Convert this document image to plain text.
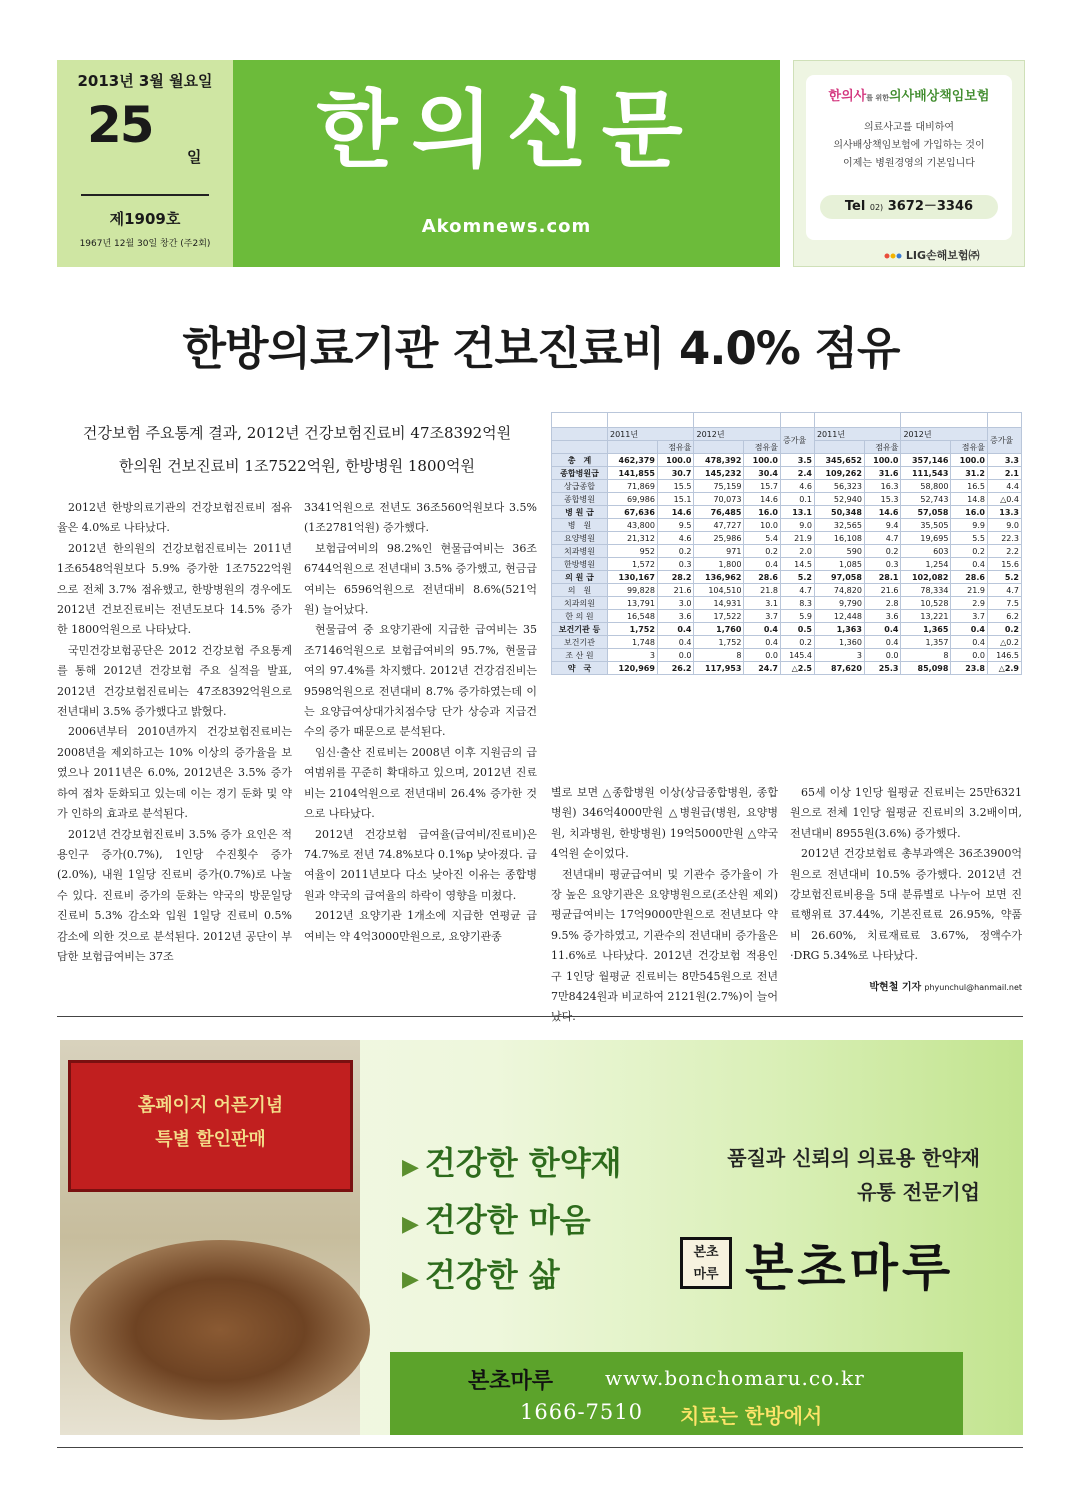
2013년 3월 월요일
25
일
제1909호
1967년 12월 30일 창간 (주2회)
한의신문
Akomnews.com
한의사를 위한의사배상책임보험
의료사고를 대비하여
의사배상책임보험에 가입하는 것이
이제는 병원경영의 기본입니다
Tel 02) 3672－3346
LIG손해보험㈜
한방의료기관 건보진료비 4.0% 점유
건강보험 주요통계 결과, 2012년 건강보험진료비 47조8392억원
한의원 건보진료비 1조7522억원, 한방병원 1800억원

	2011년		2012년		증가율	2011년		2012년		증가율
		점유율		점유율			점유율		점유율	
총　계	462,379	100.0	478,392	100.0	3.5	345,652	100.0	357,146	100.0	3.3
종합병원급	141,855	30.7	145,232	30.4	2.4	109,262	31.6	111,543	31.2	2.1
상급종합	71,869	15.5	75,159	15.7	4.6	56,323	16.3	58,800	16.5	4.4
종합병원	69,986	15.1	70,073	14.6	0.1	52,940	15.3	52,743	14.8	△0.4
병 원 급	67,636	14.6	76,485	16.0	13.1	50,348	14.6	57,058	16.0	13.3
병　원	43,800	9.5	47,727	10.0	9.0	32,565	9.4	35,505	9.9	9.0
요양병원	21,312	4.6	25,986	5.4	21.9	16,108	4.7	19,695	5.5	22.3
치과병원	952	0.2	971	0.2	2.0	590	0.2	603	0.2	2.2
한방병원	1,572	0.3	1,800	0.4	14.5	1,085	0.3	1,254	0.4	15.6
의 원 급	130,167	28.2	136,962	28.6	5.2	97,058	28.1	102,082	28.6	5.2
의　원	99,828	21.6	104,510	21.8	4.7	74,820	21.6	78,334	21.9	4.7
치과의원	13,791	3.0	14,931	3.1	8.3	9,790	2.8	10,528	2.9	7.5
한 의 원	16,548	3.6	17,522	3.7	5.9	12,448	3.6	13,221	3.7	6.2
보건기관 등	1,752	0.4	1,760	0.4	0.5	1,363	0.4	1,365	0.4	0.2
보건기관	1,748	0.4	1,752	0.4	0.2	1,360	0.4	1,357	0.4	△0.2
조 산 원	3	0.0	8	0.0	145.4	3	0.0	8	0.0	146.5
약　국	120,969	26.2	117,953	24.7	△2.5	87,620	25.3	85,098	23.8	△2.9

2012년 한방의료기관의 건강보험진료비 점유율은 4.0%로 나타났다.

2012년 한의원의 건강보험진료비는 2011년 1조6548억원보다 5.9% 증가한 1조7522억원으로 전체 3.7% 점유했고, 한방병원의 경우에도 2012년 건보진료비는 전년도보다 14.5% 증가한 1800억원으로 나타났다.

국민건강보험공단은 2012 건강보험 주요통계를 통해 2012년 건강보험 주요 실적을 발표, 2012년 건강보험진료비는 47조8392억원으로 전년대비 3.5% 증가했다고 밝혔다.

2006년부터 2010년까지 건강보험진료비는 2008년을 제외하고는 10% 이상의 증가율을 보였으나 2011년은 6.0%, 2012년은 3.5% 증가하여 점차 둔화되고 있는데 이는 경기 둔화 및 약가 인하의 효과로 분석된다.

2012년 건강보험진료비 3.5% 증가 요인은 적용인구 증가(0.7%), 1인당 수진횟수 증가(2.0%), 내원 1일당 진료비 증가(0.7%)로 나눌 수 있다. 진료비 증가의 둔화는 약국의 방문일당 진료비 5.3% 감소와 입원 1일당 진료비 0.5% 감소에 의한 것으로 분석된다. 2012년 공단이 부담한 보험급여비는 37조

3341억원으로 전년도 36조560억원보다 3.5%(1조2781억원) 증가했다.

보험급여비의 98.2%인 현물급여비는 36조6744억원으로 전년대비 3.5% 증가했고, 현금급여비는 6596억원으로 전년대비 8.6%(521억원) 늘어났다.

현물급여 중 요양기관에 지급한 급여비는 35조7146억원으로 보험급여비의 95.7%, 현물급여의 97.4%를 차지했다. 2012년 건강검진비는 9598억원으로 전년대비 8.7% 증가하였는데 이는 요양급여상대가치점수당 단가 상승과 지급건수의 증가 때문으로 분석된다.

임신·출산 진료비는 2008년 이후 지원금의 급여범위를 꾸준히 확대하고 있으며, 2012년 진료비는 2104억원으로 전년대비 26.4% 증가한 것으로 나타났다.

2012년 건강보험 급여율(급여비/진료비)은 74.7%로 전년 74.8%보다 0.1%p 낮아졌다. 급여율이 2011년보다 다소 낮아진 이유는 종합병원과 약국의 급여율의 하락이 영향을 미쳤다.

2012년 요양기관 1개소에 지급한 연평균 급여비는 약 4억3000만원으로, 요양기관종

별로 보면 △종합병원 이상(상급종합병원, 종합병원) 346억4000만원 △병원급(병원, 요양병원, 치과병원, 한방병원) 19억5000만원 △약국 4억원 순이었다.

전년대비 평균급여비 및 기관수 증가율이 가장 높은 요양기관은 요양병원으로(조산원 제외) 평균급여비는 17억9000만원으로 전년보다 약 9.5% 증가하였고, 기관수의 전년대비 증가율은 11.6%로 나타났다. 2012년 건강보험 적용인구 1인당 월평균 진료비는 8만545원으로 전년 7만8424원과 비교하여 2121원(2.7%)이 늘어

65세 이상 1인당 월평균 진료비는 25만6321원으로 전체 1인당 월평균 진료비의 3.2배이며, 전년대비 8955원(3.6%) 증가했다.

2012년 건강보험료 총부과액은 36조3900억원으로 전년대비 10.5% 증가했다. 2012년 건강보험진료비용을 5대 분류별로 나누어 보면 진료행위료 37.44%, 기본진료료 26.95%, 약품비 26.60%, 치료재료료 3.67%, 정액수가·DRG 5.34%로 나타났다.

박현철 기자 phyunchul@hanmail.net
홈페이지 어픈기념
특별 할인판매
▶ 건강한 한약재
▶ 건강한 마음
▶ 건강한 삶
품질과 신뢰의 의료용 한약재
유통 전문기업
본초
마루 본초마루
본초마루	www.bonchomaru.co.kr
1666-7510 치료는 한방에서
